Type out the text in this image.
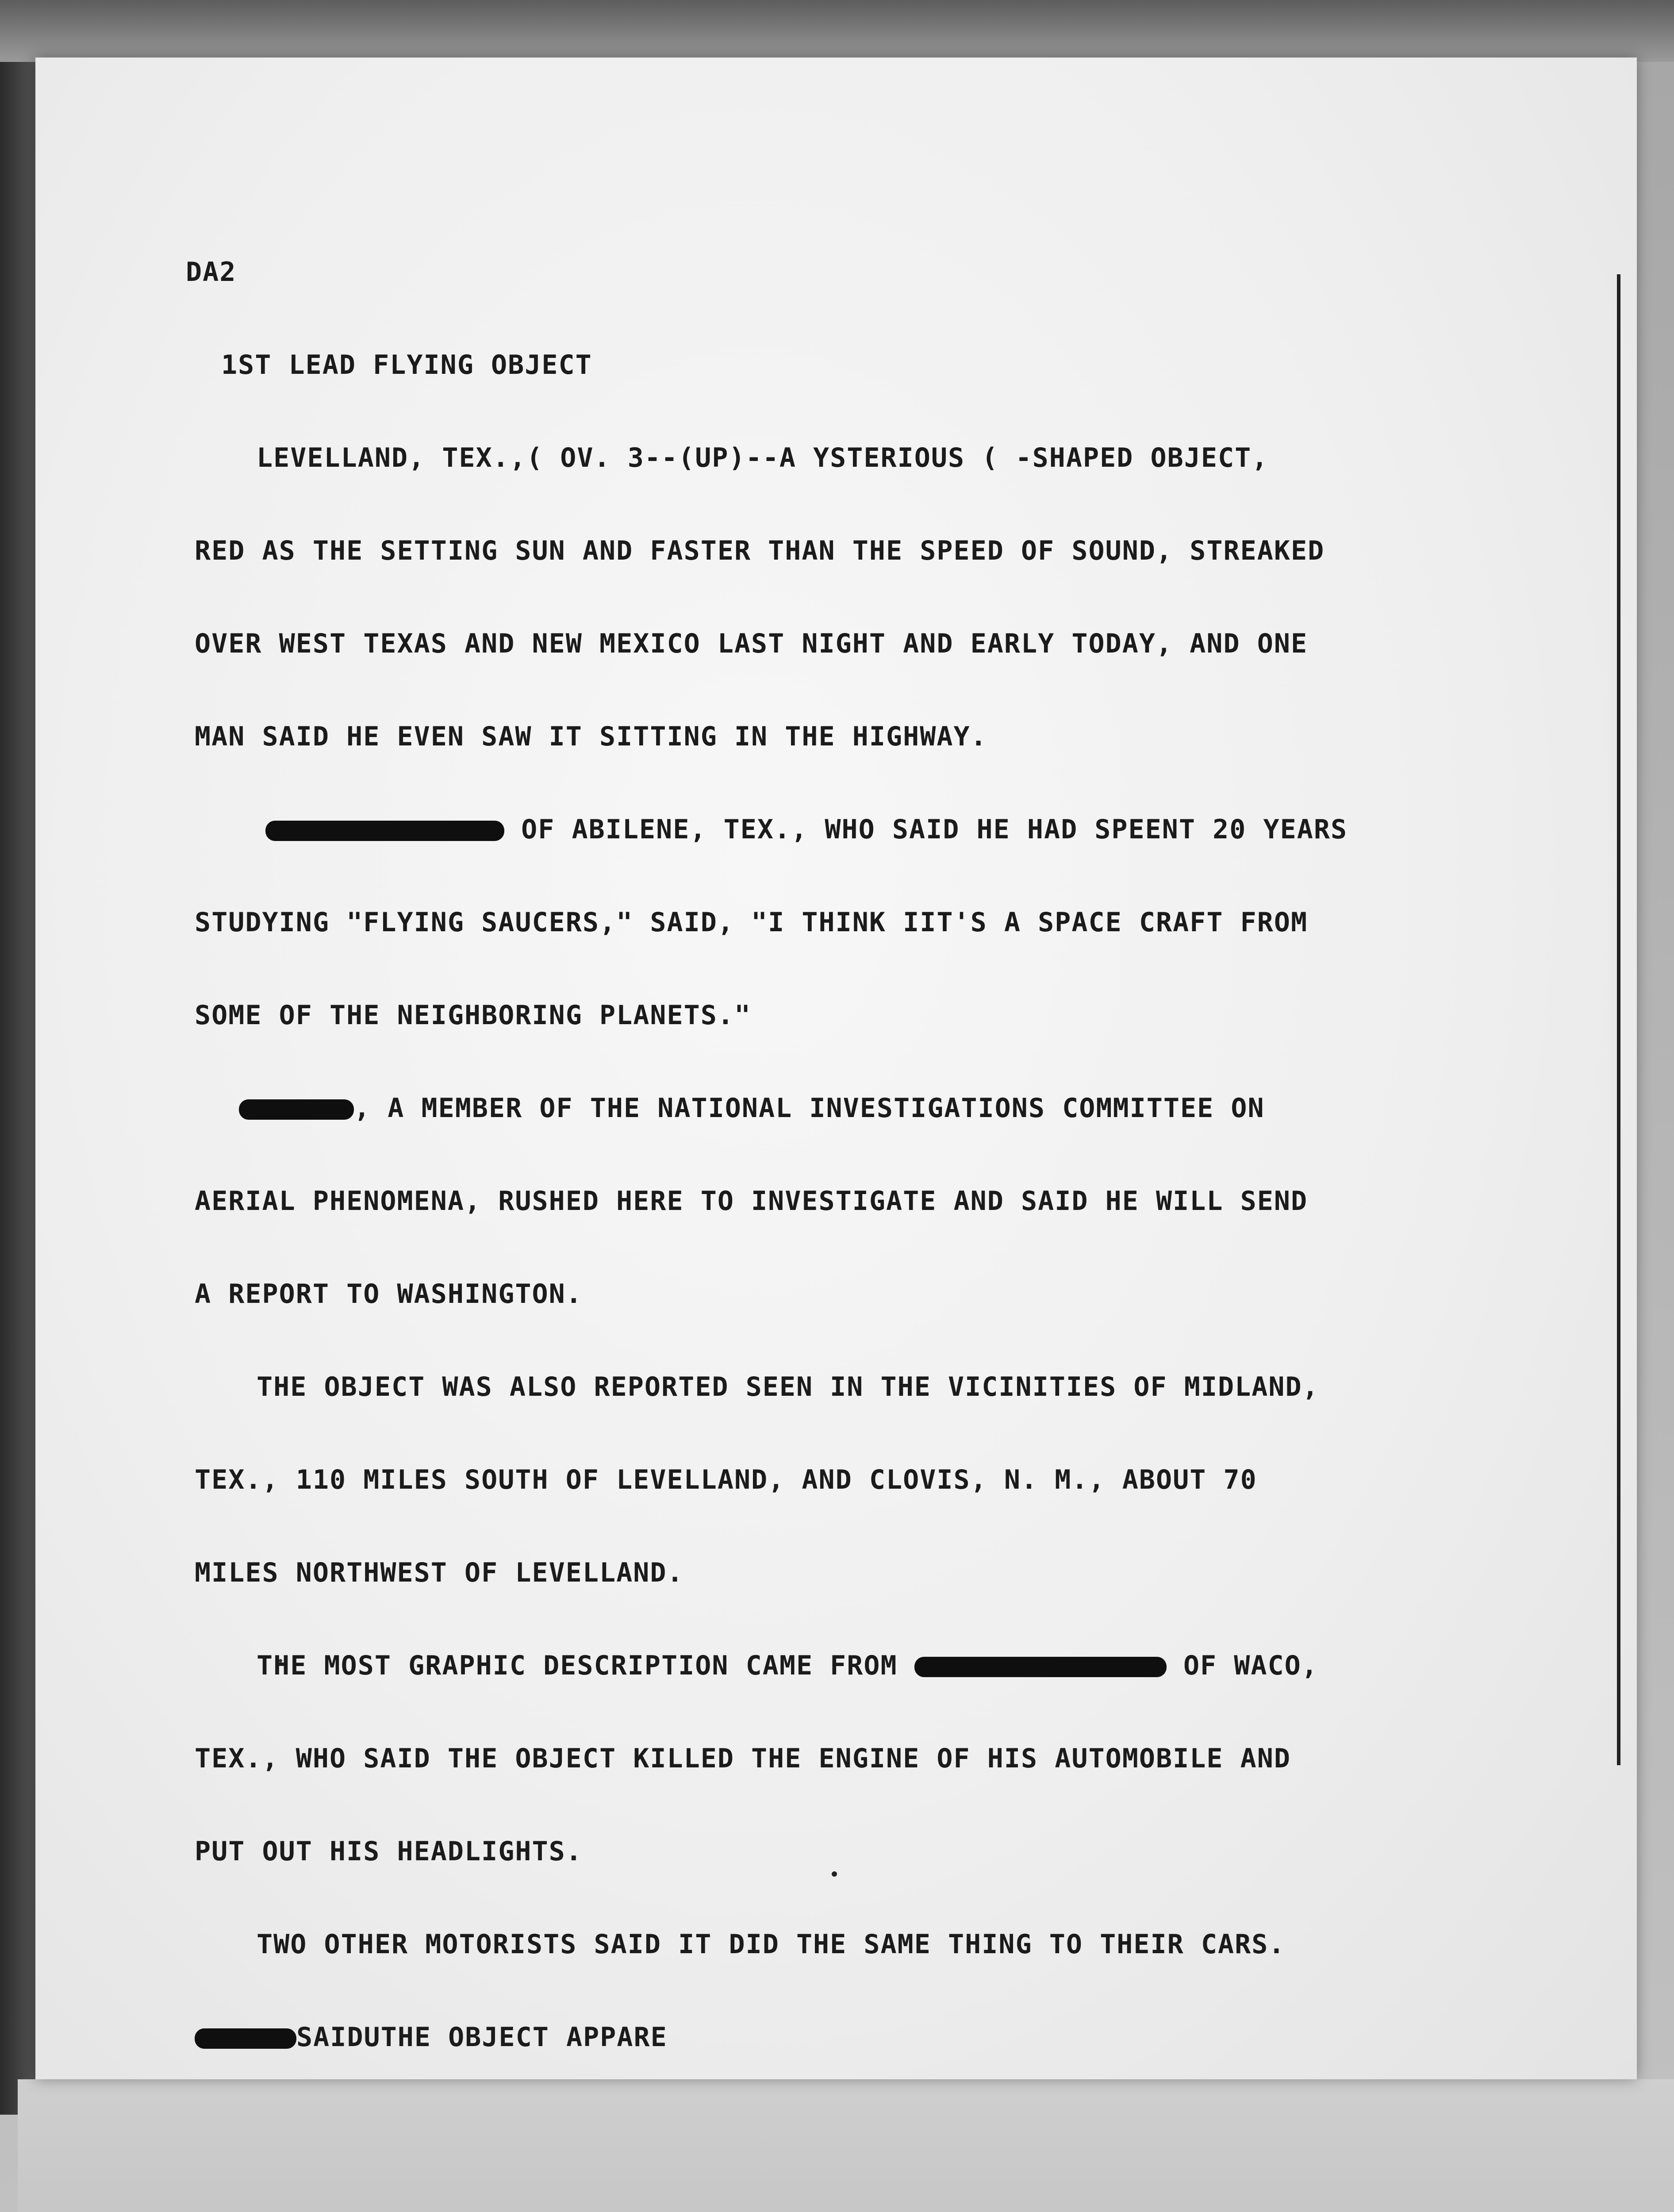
DA2

1ST LEAD FLYING OBJECT

LEVELLAND, TEX.,( OV. 3--(UP)--A YSTERIOUS ( -SHAPED OBJECT,

RED AS THE SETTING SUN AND FASTER THAN THE SPEED OF SOUND, STREAKED

OVER WEST TEXAS AND NEW MEXICO LAST NIGHT AND EARLY TODAY, AND ONE

MAN SAID HE EVEN SAW IT SITTING IN THE HIGHWAY.

OF ABILENE, TEX., WHO SAID HE HAD SPEENT 20 YEARS

STUDYING "FLYING SAUCERS," SAID, "I THINK IIT'S A SPACE CRAFT FROM

SOME OF THE NEIGHBORING PLANETS."

, A MEMBER OF THE NATIONAL INVESTIGATIONS COMMITTEE ON

AERIAL PHENOMENA, RUSHED HERE TO INVESTIGATE AND SAID HE WILL SEND

A REPORT TO WASHINGTON.

THE OBJECT WAS ALSO REPORTED SEEN IN THE VICINITIES OF MIDLAND,

TEX., 110 MILES SOUTH OF LEVELLAND, AND CLOVIS, N. M., ABOUT 70

MILES NORTHWEST OF LEVELLAND.

THE MOST GRAPHIC DESCRIPTION CAME FROM	OF WACO,

TEX., WHO SAID THE OBJECT KILLED THE ENGINE OF HIS AUTOMOBILE AND

PUT OUT HIS HEADLIGHTS.

TWO OTHER MOTORISTS SAID IT DID THE SAME THING TO THEIR CARS.

SAIDUTHE OBJECT APPARE
